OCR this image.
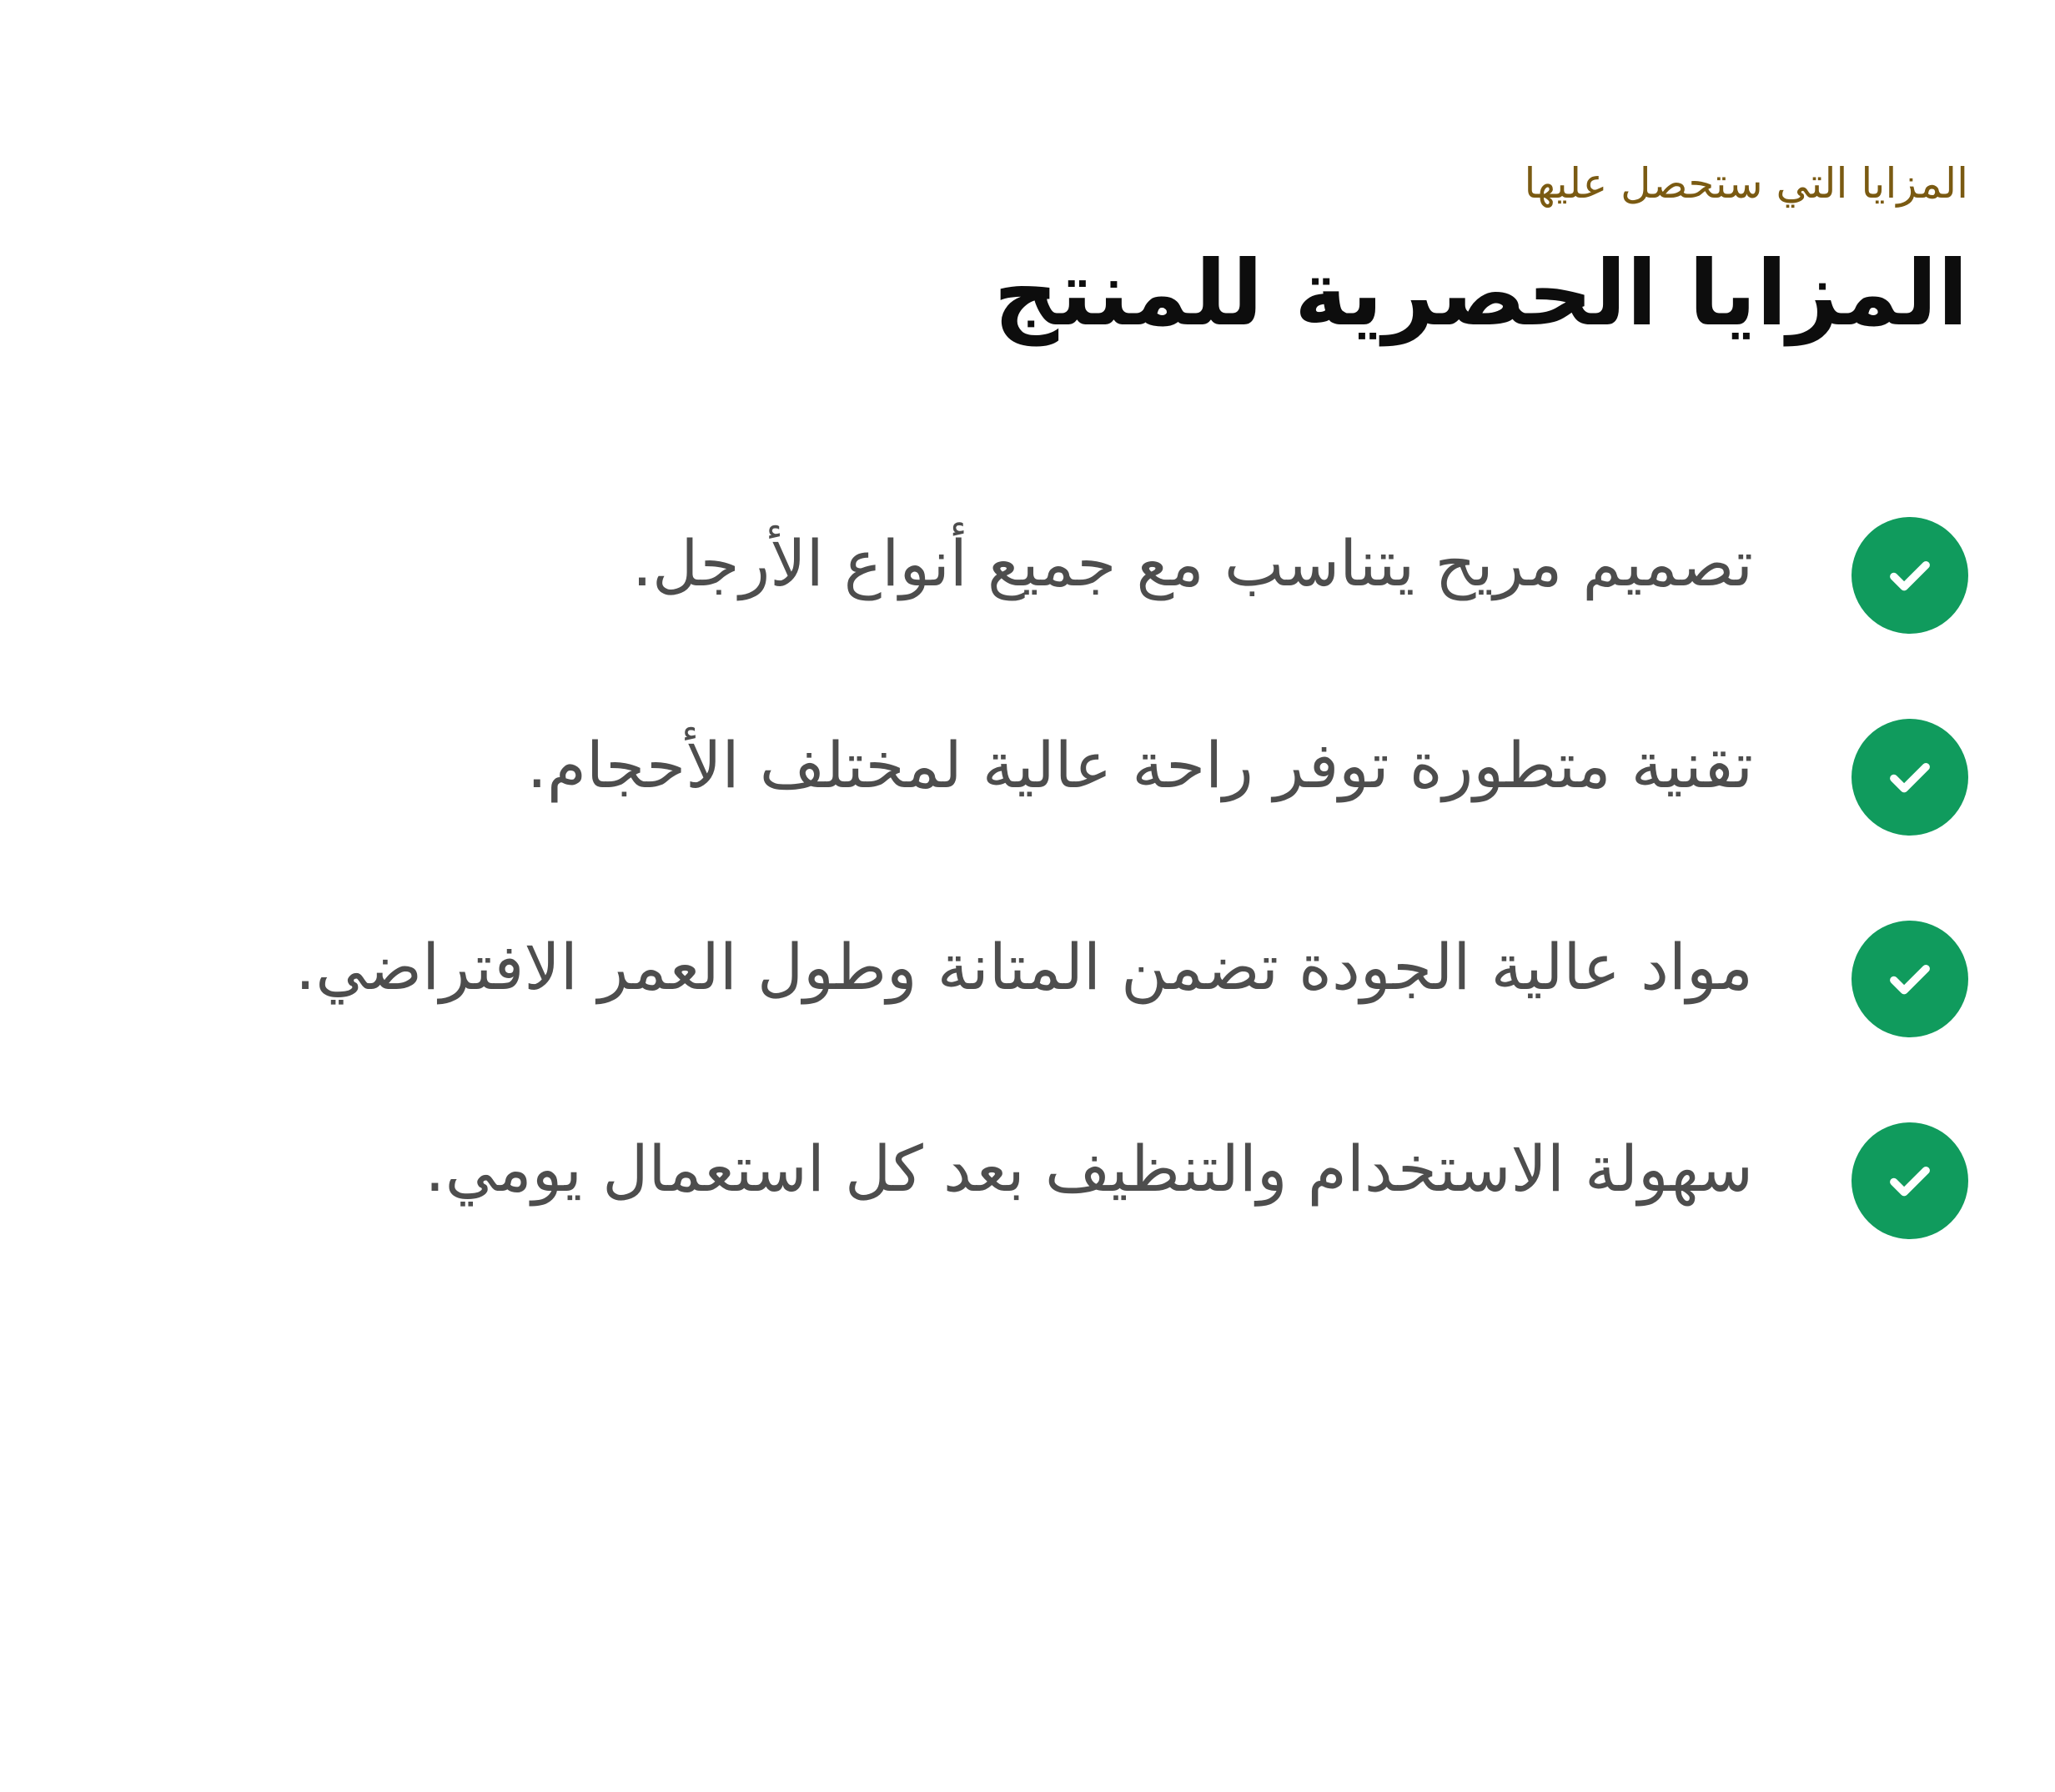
المزايا التي ستحصل عليها
المزايا الحصرية للمنتج
تصميم مريح يتناسب مع جميع أنواع الأرجل.
تقنية متطورة توفر راحة عالية لمختلف الأحجام.
مواد عالية الجودة تضمن المتانة وطول العمر الافتراضي.
سهولة الاستخدام والتنظيف بعد كل استعمال يومي.
